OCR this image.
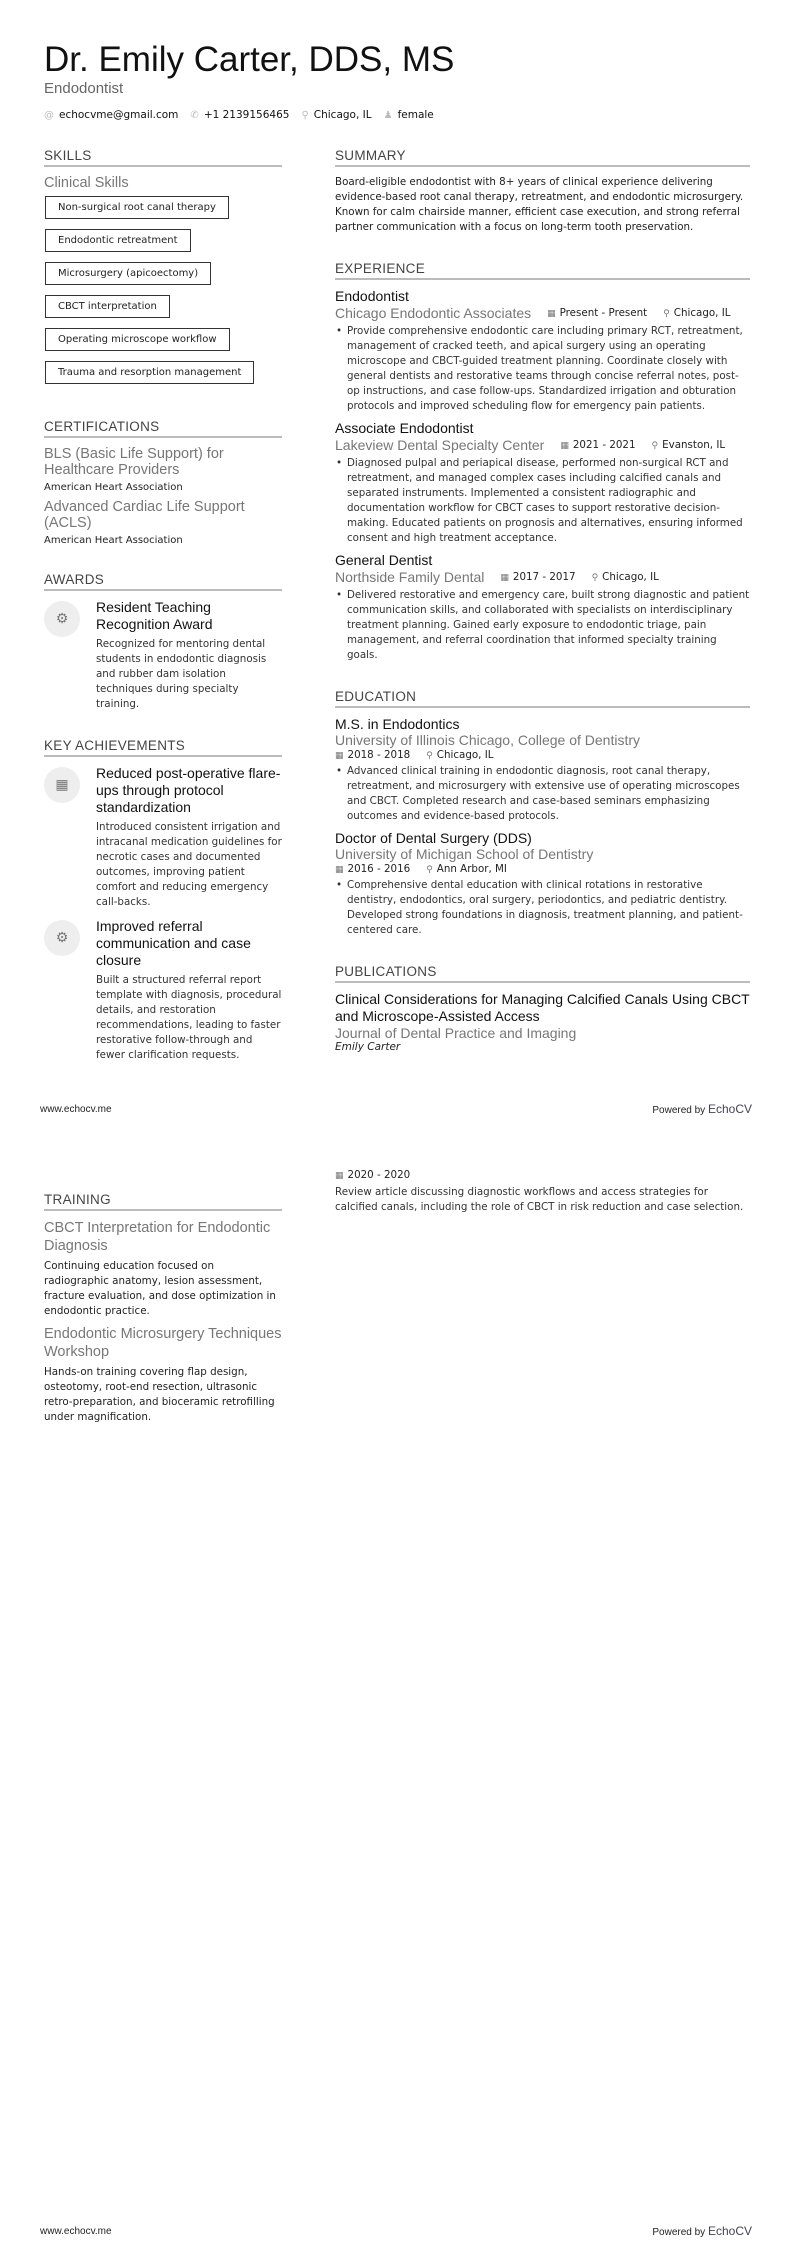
Dr. Emily Carter, DDS, MS
Endodontist
@ echocvme@gmail.com ✆ +1 2139156465 ⚲ Chicago, IL ♟ female
SKILLS
Clinical Skills
Non-surgical root canal therapy
Endodontic retreatment
Microsurgery (apicoectomy)
CBCT interpretation
Operating microscope workflow
Trauma and resorption management
CERTIFICATIONS
BLS (Basic Life Support) for Healthcare Providers
American Heart Association
Advanced Cardiac Life Support (ACLS)
American Heart Association
AWARDS
⚙
Resident Teaching Recognition Award
Recognized for mentoring dental students in endodontic diagnosis and rubber dam isolation techniques during specialty training.
KEY ACHIEVEMENTS
▦
Reduced post-operative flare-ups through protocol standardization
Introduced consistent irrigation and intracanal medication guidelines for necrotic cases and documented outcomes, improving patient comfort and reducing emergency call-backs.
⚙
Improved referral communication and case closure
Built a structured referral report template with diagnosis, procedural details, and restoration recommendations, leading to faster restorative follow-through and fewer clarification requests.
SUMMARY
Board-eligible endodontist with 8+ years of clinical experience delivering evidence-based root canal therapy, retreatment, and endodontic microsurgery. Known for calm chairside manner, efficient case execution, and strong referral partner communication with a focus on long-term tooth preservation.
EXPERIENCE
Endodontist
Chicago Endodontic Associates ▦ Present - Present ⚲ Chicago, IL
• Provide comprehensive endodontic care including primary RCT, retreatment, management of cracked teeth, and apical surgery using an operating microscope and CBCT-guided treatment planning. Coordinate closely with general dentists and restorative teams through concise referral notes, post-op instructions, and case follow-ups. Standardized irrigation and obturation protocols and improved scheduling flow for emergency pain patients.
Associate Endodontist
Lakeview Dental Specialty Center ▦ 2021 - 2021 ⚲ Evanston, IL
• Diagnosed pulpal and periapical disease, performed non-surgical RCT and retreatment, and managed complex cases including calcified canals and separated instruments. Implemented a consistent radiographic and documentation workflow for CBCT cases to support restorative decision-making. Educated patients on prognosis and alternatives, ensuring informed consent and high treatment acceptance.
General Dentist
Northside Family Dental ▦ 2017 - 2017 ⚲ Chicago, IL
• Delivered restorative and emergency care, built strong diagnostic and patient communication skills, and collaborated with specialists on interdisciplinary treatment planning. Gained early exposure to endodontic triage, pain management, and referral coordination that informed specialty training goals.
EDUCATION
M.S. in Endodontics
University of Illinois Chicago, College of Dentistry
▦ 2018 - 2018 ⚲ Chicago, IL
• Advanced clinical training in endodontic diagnosis, root canal therapy, retreatment, and microsurgery with extensive use of operating microscopes and CBCT. Completed research and case-based seminars emphasizing outcomes and evidence-based protocols.
Doctor of Dental Surgery (DDS)
University of Michigan School of Dentistry
▦ 2016 - 2016 ⚲ Ann Arbor, MI
• Comprehensive dental education with clinical rotations in restorative dentistry, endodontics, oral surgery, periodontics, and pediatric dentistry. Developed strong foundations in diagnosis, treatment planning, and patient-centered care.
PUBLICATIONS
Clinical Considerations for Managing Calcified Canals Using CBCT and Microscope-Assisted Access
Journal of Dental Practice and Imaging
Emily Carter
www.echocv.me	Powered by EchoCV
TRAINING
CBCT Interpretation for Endodontic Diagnosis
Continuing education focused on radiographic anatomy, lesion assessment, fracture evaluation, and dose optimization in endodontic practice.
Endodontic Microsurgery Techniques Workshop
Hands-on training covering flap design, osteotomy, root-end resection, ultrasonic retro-preparation, and bioceramic retrofilling under magnification.
▦ 2020 - 2020
Review article discussing diagnostic workflows and access strategies for calcified canals, including the role of CBCT in risk reduction and case selection.
www.echocv.me	Powered by EchoCV
